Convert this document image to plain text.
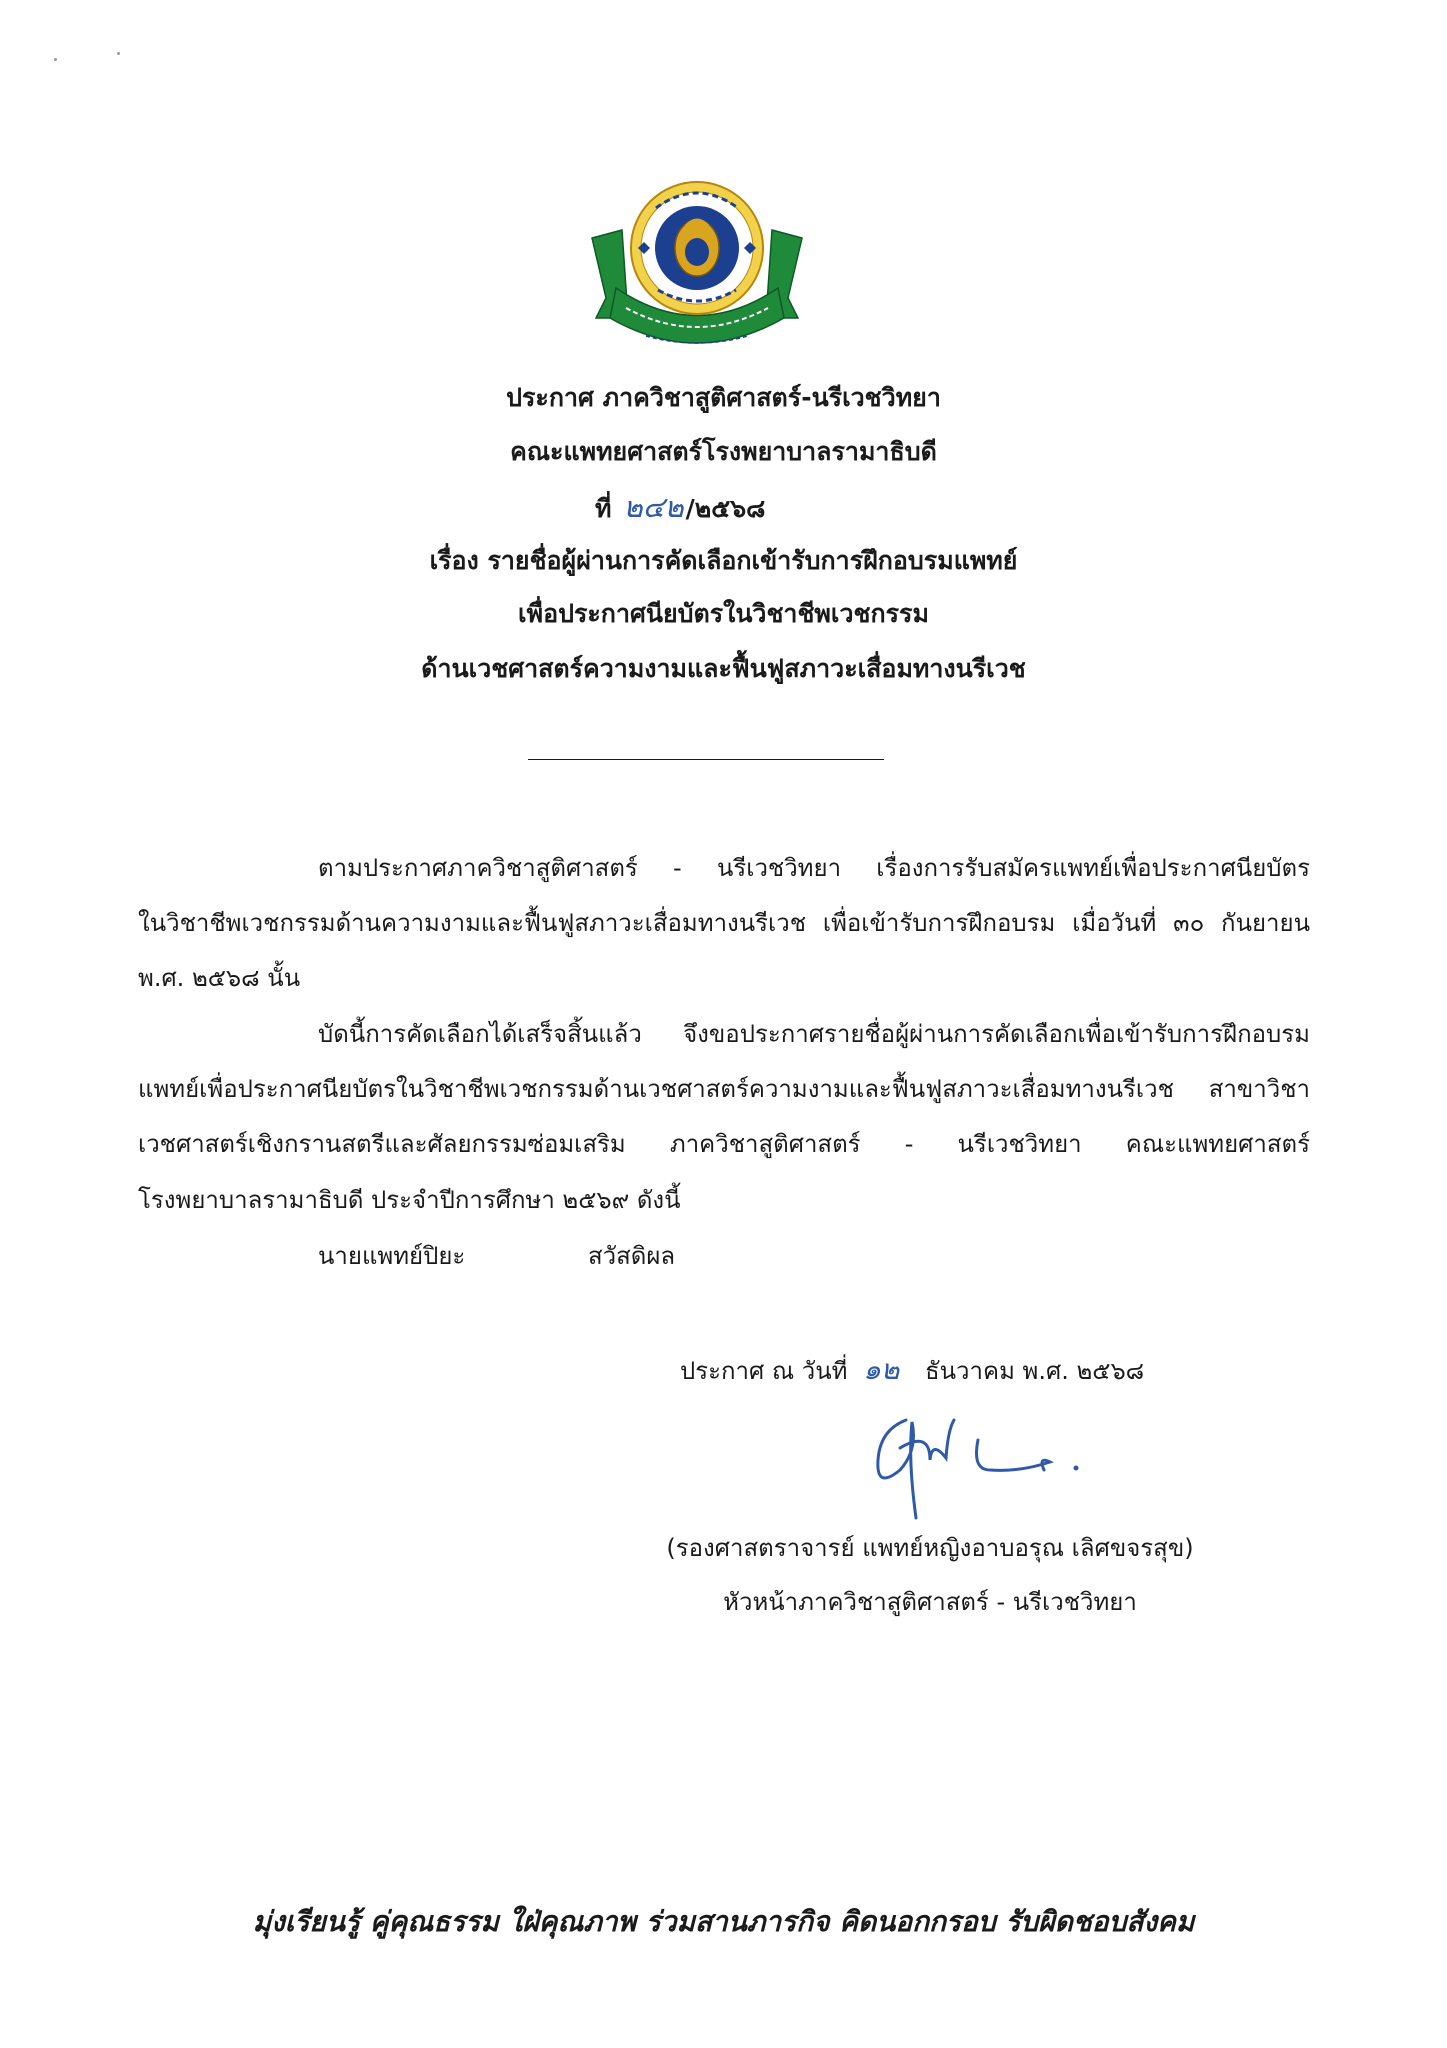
ประกาศ ภาควิชาสูติศาสตร์-นรีเวชวิทยา
คณะแพทยศาสตร์โรงพยาบาลรามาธิบดี
ที่ ๒๔๒/๒๕๖๘
เรื่อง รายชื่อผู้ผ่านการคัดเลือกเข้ารับการฝึกอบรมแพทย์
เพื่อประกาศนียบัตรในวิชาชีพเวชกรรม
ด้านเวชศาสตร์ความงามและฟื้นฟูสภาวะเสื่อมทางนรีเวช
ตามประกาศภาควิชาสูติศาสตร์ - นรีเวชวิทยา เรื่องการรับสมัครแพทย์เพื่อประกาศนียบัตร
ในวิชาชีพเวชกรรมด้านความงามและฟื้นฟูสภาวะเสื่อมทางนรีเวช เพื่อเข้ารับการฝึกอบรม เมื่อวันที่ ๓๐ กันยายน
พ.ศ. ๒๕๖๘ นั้น
บัดนี้การคัดเลือกได้เสร็จสิ้นแล้ว จึงขอประกาศรายชื่อผู้ผ่านการคัดเลือกเพื่อเข้ารับการฝึกอบรม
แพทย์เพื่อประกาศนียบัตรในวิชาชีพเวชกรรมด้านเวชศาสตร์ความงามและฟื้นฟูสภาวะเสื่อมทางนรีเวช สาขาวิชา
เวชศาสตร์เชิงกรานสตรีและศัลยกรรมซ่อมเสริม ภาควิชาสูติศาสตร์ - นรีเวชวิทยา คณะแพทยศาสตร์
โรงพยาบาลรามาธิบดี ประจำปีการศึกษา ๒๕๖๙ ดังนี้
นายแพทย์ปิยะ	สวัสดิผล
ประกาศ ณ วันที่ ๑๒ ธันวาคม พ.ศ. ๒๕๖๘
(รองศาสตราจารย์ แพทย์หญิงอาบอรุณ เลิศขจรสุข)
หัวหน้าภาควิชาสูติศาสตร์ - นรีเวชวิทยา
มุ่งเรียนรู้ คู่คุณธรรม ใฝ่คุณภาพ ร่วมสานภารกิจ คิดนอกกรอบ รับผิดชอบสังคม
